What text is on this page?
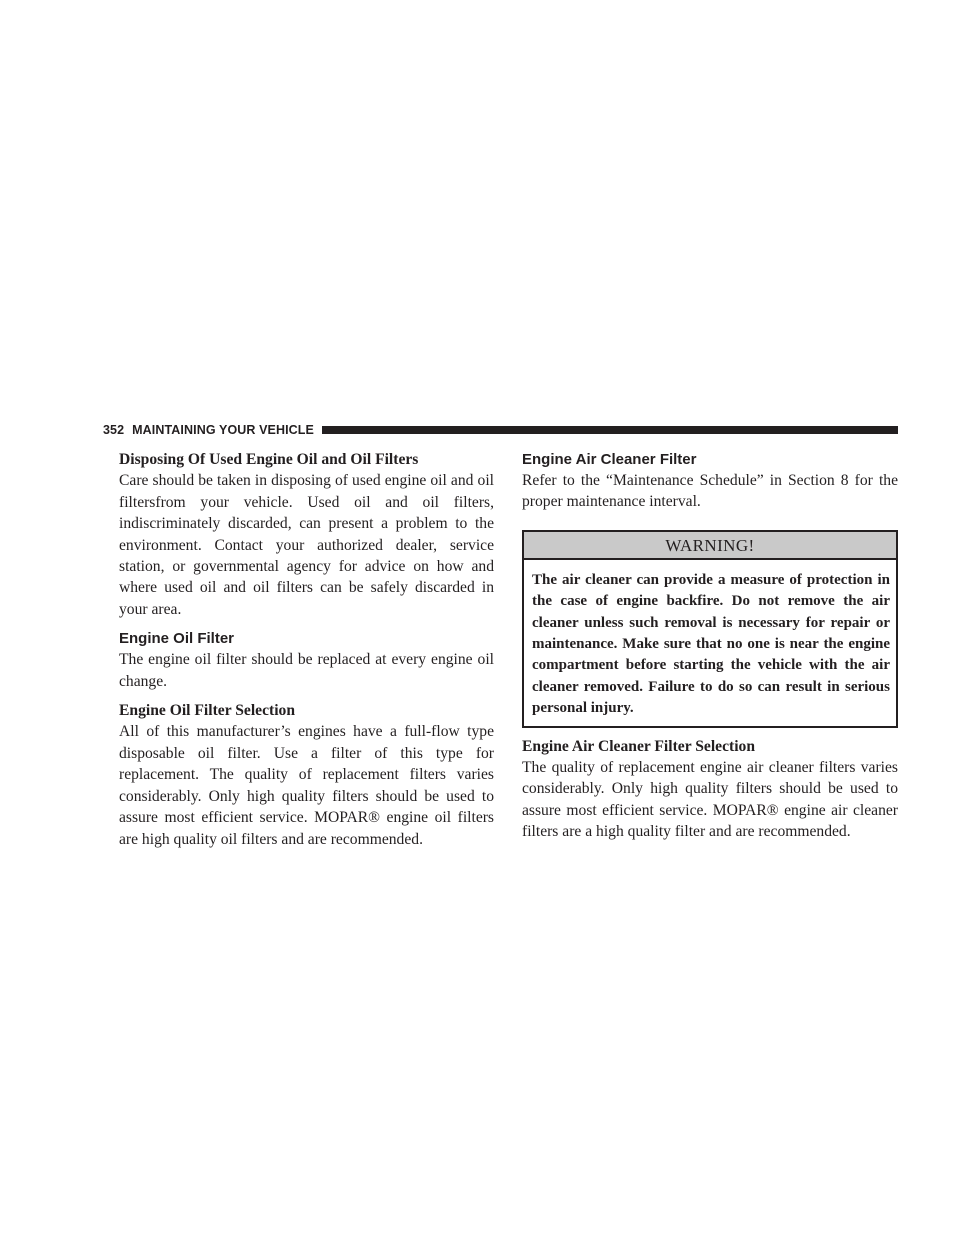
352 MAINTAINING YOUR VEHICLE
Disposing Of Used Engine Oil and Oil Filters

Care should be taken in disposing of used engine oil and oil filtersfrom your vehicle. Used oil and oil filters, indiscriminately discarded, can present a problem to the environment. Contact your authorized dealer, service station, or governmental agency for advice on how and where used oil and oil filters can be safely discarded in your area.

Engine Oil Filter

The engine oil filter should be replaced at every engine oil change.

Engine Oil Filter Selection

All of this manufacturer’s engines have a full-flow type disposable oil filter. Use a filter of this type for replacement. The quality of replacement filters varies considerably. Only high quality filters should be used to assure most efficient service. MOPAR® engine oil filters are high quality oil filters and are recommended.

Engine Air Cleaner Filter

Refer to the “Maintenance Schedule” in Section 8 for the proper maintenance interval.

WARNING!
The air cleaner can provide a measure of protection in the case of engine backfire. Do not remove the air cleaner unless such removal is necessary for repair or maintenance. Make sure that no one is near the engine compartment before starting the vehicle with the air cleaner removed. Failure to do so can result in serious personal injury.
Engine Air Cleaner Filter Selection

The quality of replacement engine air cleaner filters varies considerably. Only high quality filters should be used to assure most efficient service. MOPAR® engine air cleaner filters are a high quality filter and are recommended.
